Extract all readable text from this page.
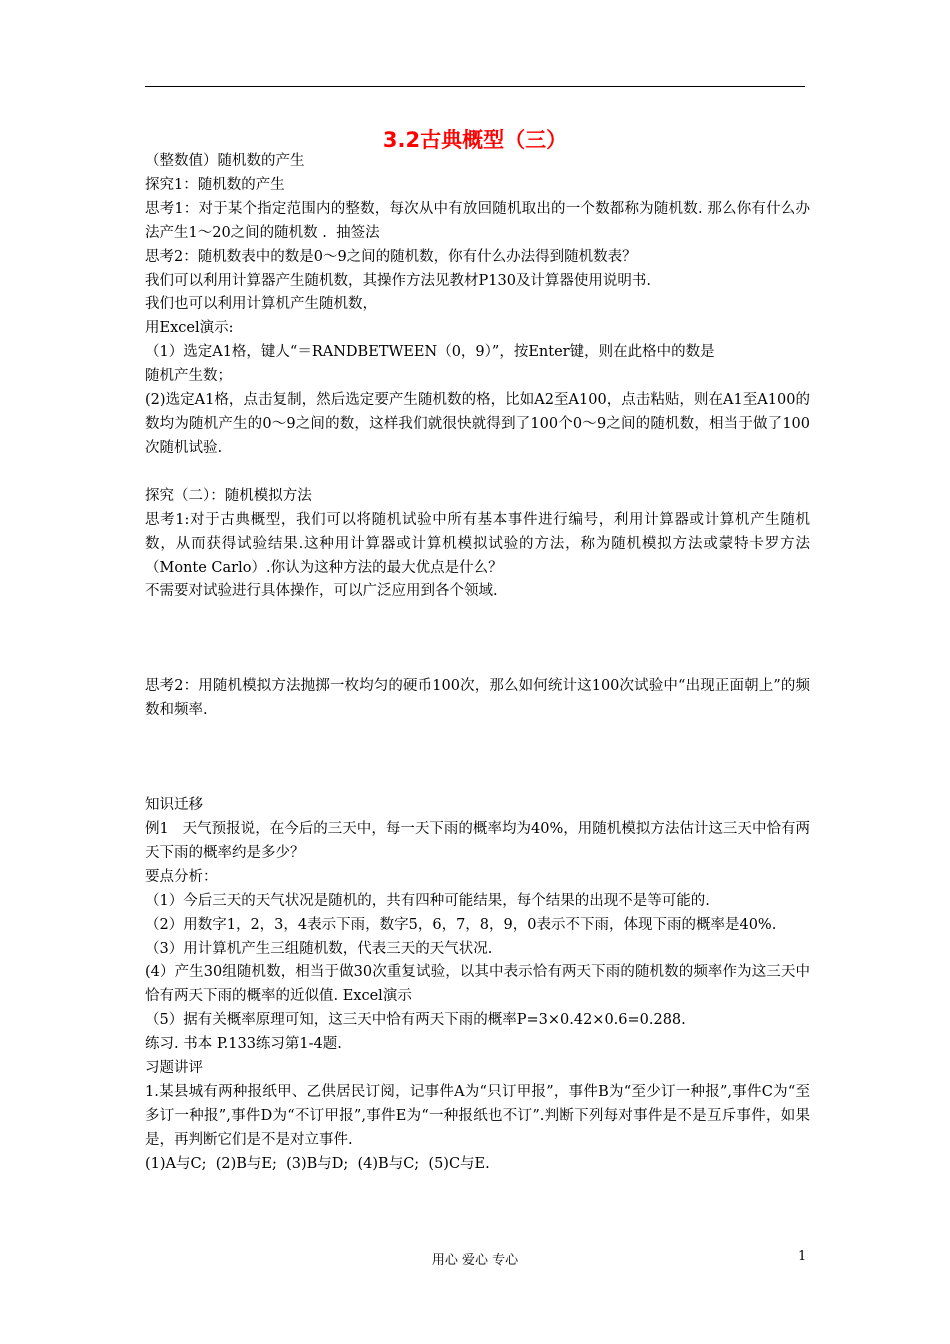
3.2古典概型（三）

（整数值）随机数的产生

探究1：随机数的产生

思考1：对于某个指定范围内的整数，每次从中有放回随机取出的一个数都称为随机数. 那么你有什么办法产生1～20之间的随机数 .  抽签法

思考2：随机数表中的数是0～9之间的随机数，你有什么办法得到随机数表？

我们可以利用计算器产生随机数，其操作方法见教材P130及计算器使用说明书.

我们也可以利用计算机产生随机数，

用Excel演示:

（1）选定A1格，键人“＝RANDBETWEEN（0，9）”，按Enter键，则在此格中的数是

随机产生数；

(2)选定A1格，点击复制，然后选定要产生随机数的格，比如A2至A100，点击粘贴，则在A1至A100的数均为随机产生的0～9之间的数，这样我们就很快就得到了100个0～9之间的随机数，相当于做了100次随机试验.

探究（二）：随机模拟方法

思考1:对于古典概型，我们可以将随机试验中所有基本事件进行编号，利用计算器或计算机产生随机数，从而获得试验结果.这种用计算器或计算机模拟试验的方法，称为随机模拟方法或蒙特卡罗方法（Monte Carlo）.你认为这种方法的最大优点是什么？

不需要对试验进行具体操作，可以广泛应用到各个领域.

思考2：用随机模拟方法抛掷一枚均匀的硬币100次，那么如何统计这100次试验中“出现正面朝上”的频数和频率.

知识迁移

例1   天气预报说，在今后的三天中，每一天下雨的概率均为40%，用随机模拟方法估计这三天中恰有两天下雨的概率约是多少？

要点分析：

（1）今后三天的天气状况是随机的，共有四种可能结果，每个结果的出现不是等可能的.

（2）用数字1，2，3，4表示下雨，数字5，6，7，8，9，0表示不下雨，体现下雨的概率是40%.

（3）用计算机产生三组随机数，代表三天的天气状况.

(4）产生30组随机数，相当于做30次重复试验，以其中表示恰有两天下雨的随机数的频率作为这三天中恰有两天下雨的概率的近似值. Excel演示

（5）据有关概率原理可知，这三天中恰有两天下雨的概率P=3×0.42×0.6=0.288.

练习. 书本 P.133练习第1-4题.

习题讲评

1.某县城有两种报纸甲、乙供居民订阅，记事件A为“只订甲报”，事件B为“至少订一种报”,事件C为“至多订一种报”,事件D为“不订甲报”,事件E为“一种报纸也不订”.判断下列每对事件是不是互斥事件，如果是，再判断它们是不是对立事件.

(1)A与C;  (2)B与E;  (3)B与D;  (4)B与C;  (5)C与E.

用心 爱心 专心	1
